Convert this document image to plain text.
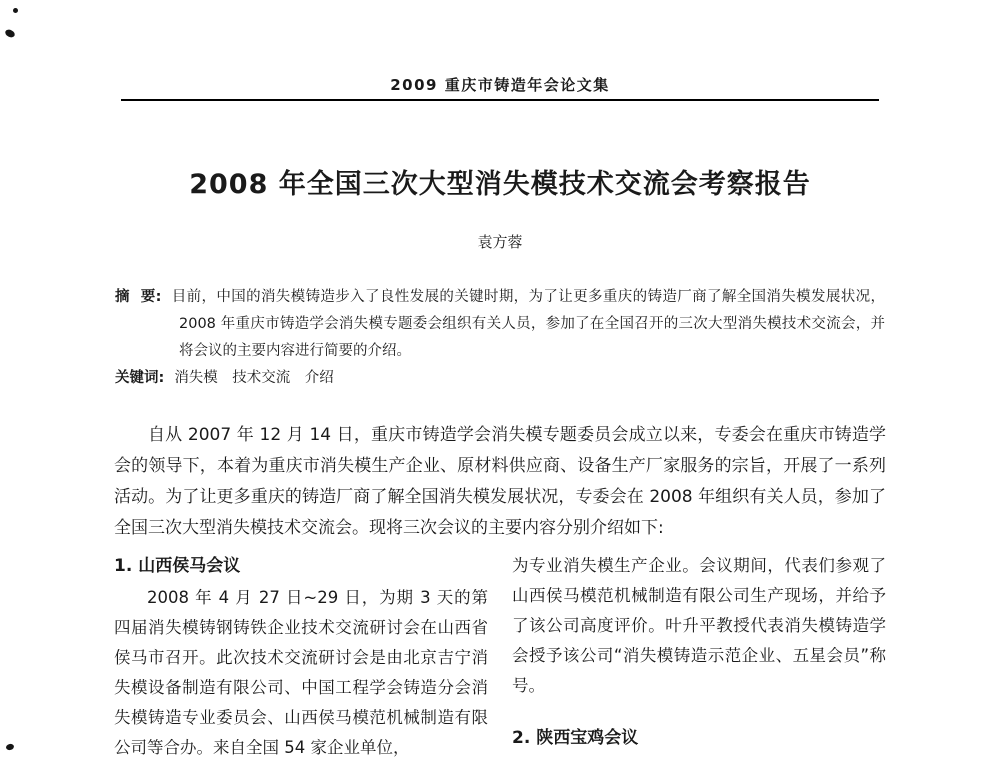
2009 重庆市铸造年会论文集
2008 年全国三次大型消失模技术交流会考察报告
袁方蓉

摘  要: 目前，中国的消失模铸造步入了良性发展的关键时期，为了让更多重庆的铸造厂商了解全国消失模发展状况，2008 年重庆市铸造学会消失模专题委会组织有关人员，参加了在全国召开的三次大型消失模技术交流会，并将会议的主要内容进行简要的介绍。

关键词: 消失模　技术交流　介绍

自从 2007 年 12 月 14 日，重庆市铸造学会消失模专题委员会成立以来，专委会在重庆市铸造学会的领导下，本着为重庆市消失模生产企业、原材料供应商、设备生产厂家服务的宗旨，开展了一系列活动。为了让更多重庆的铸造厂商了解全国消失模发展状况，专委会在 2008 年组织有关人员，参加了全国三次大型消失模技术交流会。现将三次会议的主要内容分别介绍如下:

1. 山西侯马会议

2008 年 4 月 27 日~29 日，为期 3 天的第四届消失模铸钢铸铁企业技术交流研讨会在山西省侯马市召开。此次技术交流研讨会是由北京吉宁消失模设备制造有限公司、中国工程学会铸造分会消失模铸造专业委员会、山西侯马模范机械制造有限公司等合办。来自全国 54 家企业单位，

为专业消失模生产企业。会议期间，代表们参观了山西侯马模范机械制造有限公司生产现场，并给予了该公司高度评价。叶升平教授代表消失模铸造学会授予该公司“消失模铸造示范企业、五星会员”称号。

2. 陕西宝鸡会议
